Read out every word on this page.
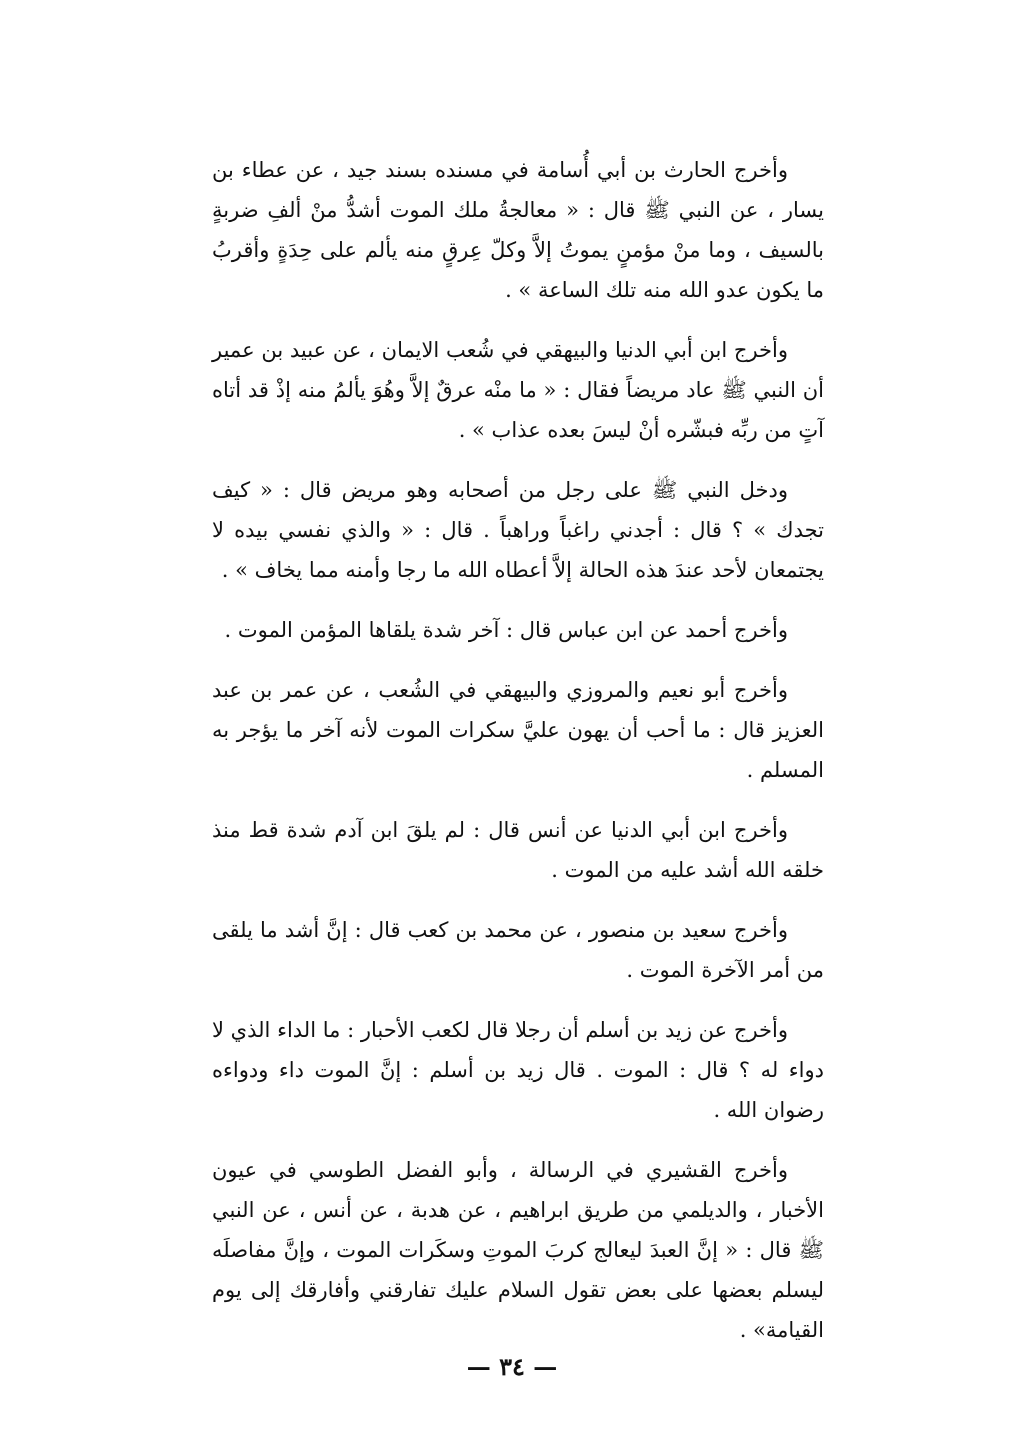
وأخرج الحارث بن أبي أُسامة في مسنده بسند جيد ، عن عطاء بن يسار ، عن النبي ﷺ قال : « معالجةُ ملك الموت أشدُّ منْ ألفِ ضربةٍ بالسيف ، وما منْ مؤمنٍ يموتُ إلاَّ وكلّ عِرقٍ منه يألم على حِدَةٍ وأقربُ ما يكون عدو الله منه تلك الساعة » .

وأخرج ابن أبي الدنيا والبيهقي في شُعب الايمان ، عن عبيد بن عمير أن النبي ﷺ عاد مريضاً فقال : « ما منْه عرقٌ إلاَّ وهُوَ يألمُ منه إذْ قد أتاه آتٍ من ربِّه فبشّره أنْ ليسَ بعده عذاب » .

ودخل النبي ﷺ على رجل من أصحابه وهو مريض قال : « كيف تجدك » ؟ قال : أجدني راغباً وراهباً . قال : « والذي نفسي بيده لا يجتمعان لأحد عندَ هذه الحالة إلاَّ أعطاه الله ما رجا وأمنه مما يخاف » .

وأخرج أحمد عن ابن عباس قال : آخر شدة يلقاها المؤمن الموت .

وأخرج أبو نعيم والمروزي والبيهقي في الشُعب ، عن عمر بن عبد العزيز قال : ما أحب أن يهون عليَّ سكرات الموت لأنه آخر ما يؤجر به المسلم .

وأخرج ابن أبي الدنيا عن أنس قال : لم يلقَ ابن آدم شدة قط منذ خلقه الله أشد عليه من الموت .

وأخرج سعيد بن منصور ، عن محمد بن كعب قال : إنَّ أشد ما يلقى من أمر الآخرة الموت .

وأخرج عن زيد بن أسلم أن رجلا قال لكعب الأحبار : ما الداء الذي لا دواء له ؟ قال : الموت . قال زيد بن أسلم : إنَّ الموت داء ودواءه رضوان الله .

وأخرج القشيري في الرسالة ، وأبو الفضل الطوسي في عيون الأخبار ، والديلمي من طريق ابراهيم ، عن هدبة ، عن أنس ، عن النبي ﷺ قال : « إنَّ العبدَ ليعالج كربَ الموتِ وسكَرات الموت ، وإنَّ مفاصلَه ليسلم بعضها على بعض تقول السلام عليك تفارقني وأفارقك إلى يوم القيامة» .

— ٣٤ —
